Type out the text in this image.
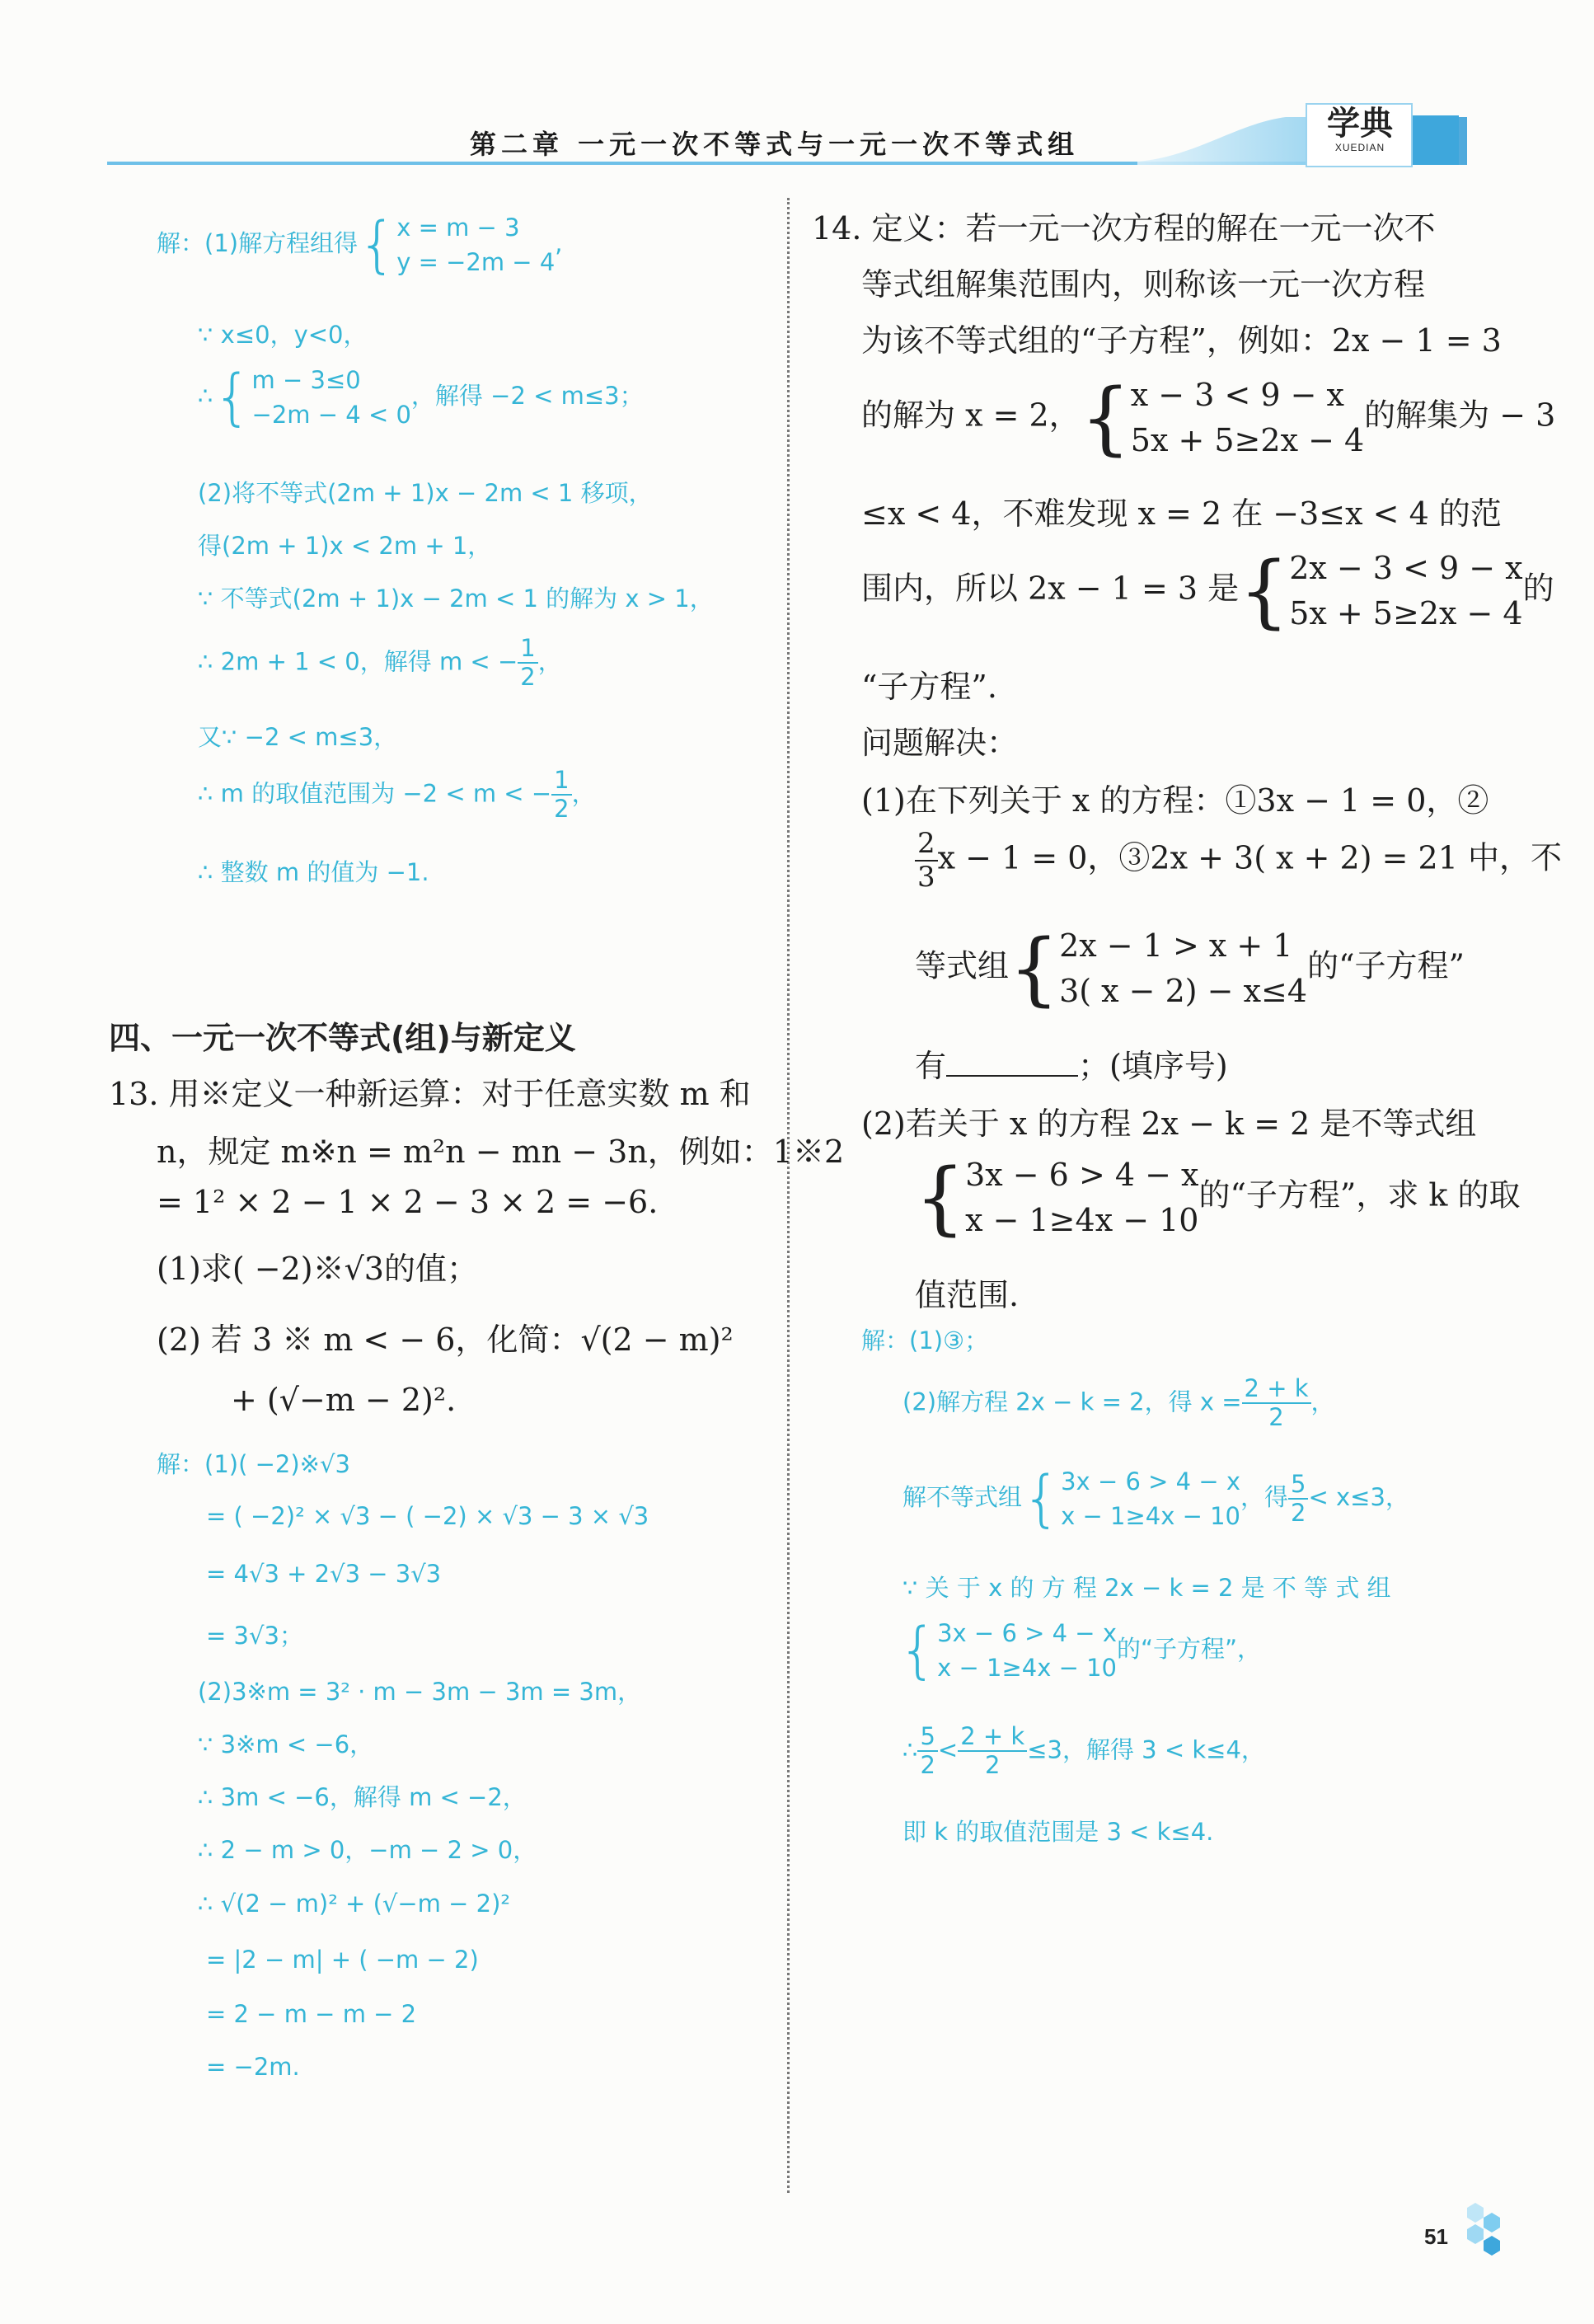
第二章 一元一次不等式与一元一次不等式组
学典
XUEDIAN
解：(1)解方程组得{ x = m − 3
y = −2m − 4
,
∵ x≤0，y<0，
∴{ m − 3≤0
−2m − 4 < 0
，解得 −2 < m≤3；
(2)将不等式(2m + 1)x − 2m < 1 移项，
得(2m + 1)x < 2m + 1，
∵ 不等式(2m + 1)x − 2m < 1 的解为 x > 1，
∴ 2m + 1 < 0，解得 m < − $\frac{1}{2}$ ，
又∵ −2 < m≤3，
∴ m 的取值范围为 −2 < m < − $\frac{1}{2}$ ，
∴ 整数 m 的值为 −1.
四、一元一次不等式(组)与新定义
13. 用※定义一种新运算：对于任意实数 m 和
n，规定 m※n = m²n − mn − 3n，例如：1※2
= 1² × 2 − 1 × 2 − 3 × 2 = −6.
(1)求( −2)※√3的值；
(2) 若 3 ※ m < − 6，化简：√(2 − m)²
+ (√−m − 2)².
解：(1)( −2)※√3
= ( −2)² × √3 − ( −2) × √3 − 3 × √3
= 4√3 + 2√3 − 3√3
= 3√3；
(2)3※m = 3² · m − 3m − 3m = 3m，
∵ 3※m < −6，
∴ 3m < −6，解得 m < −2，
∴ 2 − m > 0，−m − 2 > 0，
∴ √(2 − m)² + (√−m − 2)²
= |2 − m| + ( −m − 2)
= 2 − m − m − 2
= −2m.
14. 定义：若一元一次方程的解在一元一次不
等式组解集范围内，则称该一元一次方程
为该不等式组的“子方程”，例如：2x − 1 = 3
的解为 x = 2，{ x − 3 < 9 − x
5x + 5≥2x − 4
的解集为 − 3
≤x < 4，不难发现 x = 2 在 −3≤x < 4 的范
围内，所以 2x − 1 = 3 是{ 2x − 3 < 9 − x
5x + 5≥2x − 4
的
“子方程”.
问题解决：
(1)在下列关于 x 的方程：①3x − 1 = 0，②
$\frac{2}{3}$ x − 1 = 0，③2x + 3( x + 2) = 21 中，不
等式组{ 2x − 1 > x + 1
3( x − 2) − x≤4
的“子方程”
有	；(填序号)
(2)若关于 x 的方程 2x − k = 2 是不等式组
{ 3x − 6 > 4 − x
x − 1≥4x − 10
的“子方程”，求 k 的取
值范围.
解：(1)③；
(2)解方程 2x − k = 2，得 $x = \frac{2 + k}{2}$ ，
解不等式组{ 3x − 6 > 4 − x
x − 1≥4x − 10
，得 $\frac{5}{2} < x\le 3$，
∵ 关 于 x 的 方 程 2x − k = 2 是 不 等 式 组
{ 3x − 6 > 4 − x
x − 1≥4x − 10
的“子方程”，
∴ $\frac{5}{2} < \frac{2 + k}{2} \le 3$，解得 3 < k≤4，
即 k 的取值范围是 3 < k≤4.
51
